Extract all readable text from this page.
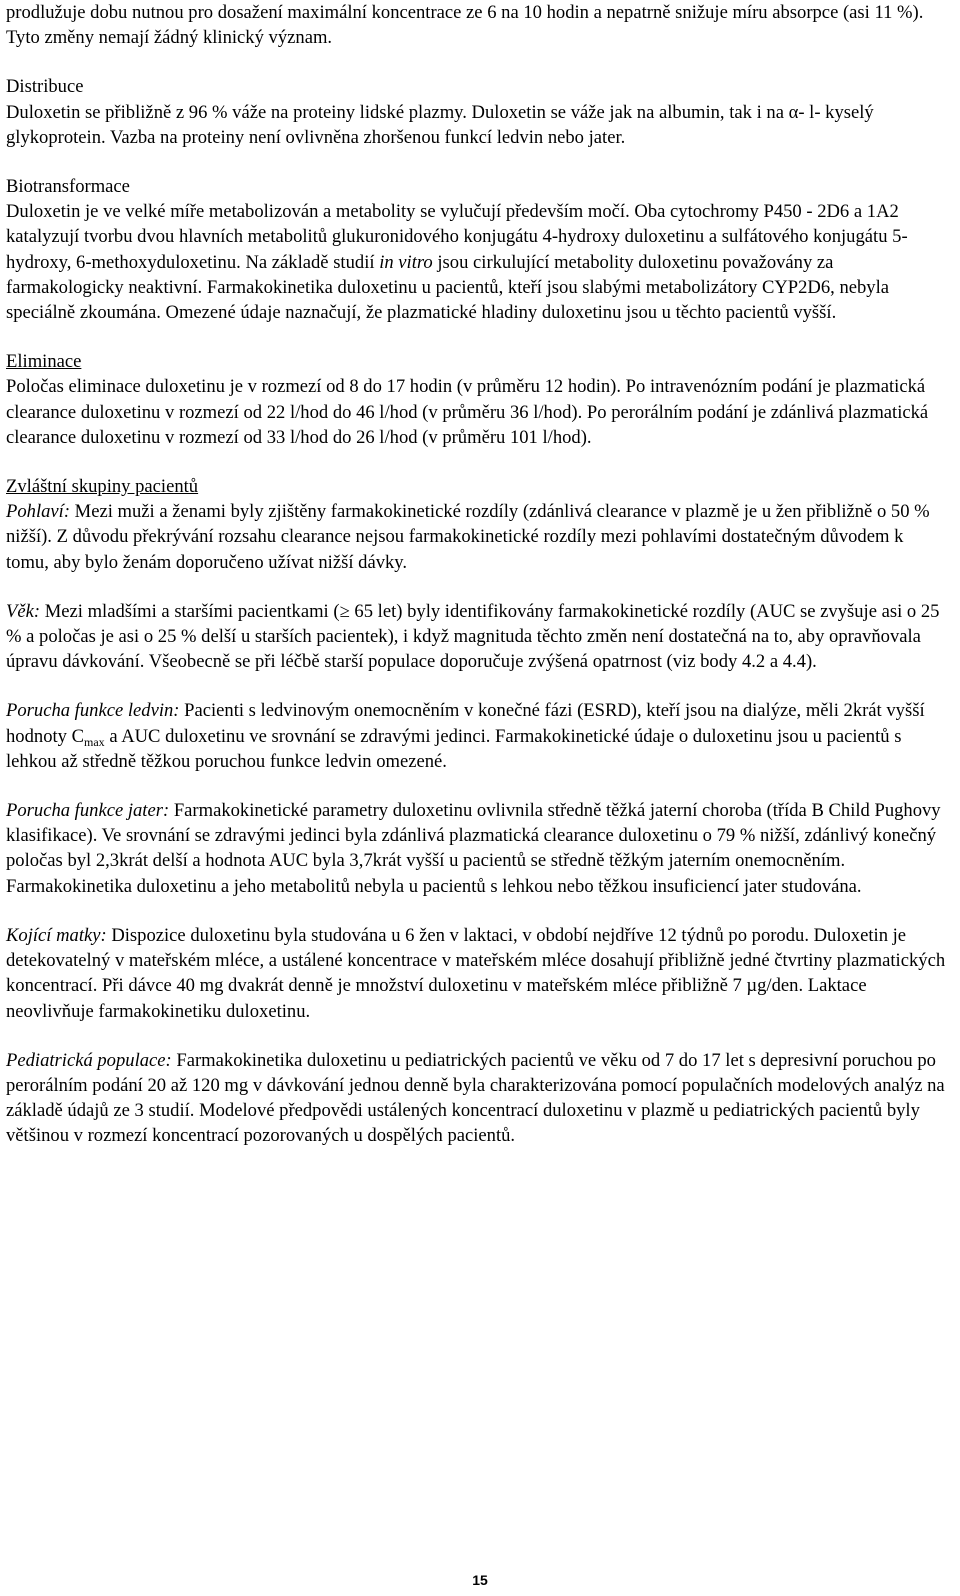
prodlužuje dobu nutnou pro dosažení maximální koncentrace ze 6 na 10 hodin a nepatrně snižuje míru absorpce (asi 11 %). Tyto změny nemají žádný klinický význam.

Distribuce

Duloxetin se přibližně z 96 % váže na proteiny lidské plazmy. Duloxetin se váže jak na albumin, tak i na α- l- kyselý glykoprotein. Vazba na proteiny není ovlivněna zhoršenou funkcí ledvin nebo jater.

Biotransformace

Duloxetin je ve velké míře metabolizován a metabolity se vylučují především močí. Oba cytochromy P450 - 2D6 a 1A2 katalyzují tvorbu dvou hlavních metabolitů glukuronidového konjugátu 4-hydroxy duloxetinu a sulfátového konjugátu 5-hydroxy, 6-methoxyduloxetinu. Na základě studií in vitro jsou cirkulující metabolity duloxetinu považovány za farmakologicky neaktivní. Farmakokinetika duloxetinu u pacientů, kteří jsou slabými metabolizátory CYP2D6, nebyla speciálně zkoumána. Omezené údaje naznačují, že plazmatické hladiny duloxetinu jsou u těchto pacientů vyšší.

Eliminace

Poločas eliminace duloxetinu je v rozmezí od 8 do 17 hodin (v průměru 12 hodin). Po intravenózním podání je plazmatická clearance duloxetinu v rozmezí od 22 l/hod do 46 l/hod (v průměru 36 l/hod). Po perorálním podání je zdánlivá plazmatická clearance duloxetinu v rozmezí od 33 l/hod do 26 l/hod (v průměru 101 l/hod).

Zvláštní skupiny pacientů

Pohlaví: Mezi muži a ženami byly zjištěny farmakokinetické rozdíly (zdánlivá clearance v plazmě je u žen přibližně o 50 % nižší). Z důvodu překrývání rozsahu clearance nejsou farmakokinetické rozdíly mezi pohlavími dostatečným důvodem k tomu, aby bylo ženám doporučeno užívat nižší dávky.

Věk: Mezi mladšími a staršími pacientkami (≥ 65 let) byly identifikovány farmakokinetické rozdíly (AUC se zvyšuje asi o 25 % a poločas je asi o 25 % delší u starších pacientek), i když magnituda těchto změn není dostatečná na to, aby opravňovala úpravu dávkování. Všeobecně se při léčbě starší populace doporučuje zvýšená opatrnost (viz body 4.2 a 4.4).

Porucha funkce ledvin: Pacienti s ledvinovým onemocněním v konečné fázi (ESRD), kteří jsou na dialýze, měli 2krát vyšší hodnoty $C_{max}$ a AUC duloxetinu ve srovnání se zdravými jedinci. Farmakokinetické údaje o duloxetinu jsou u pacientů s lehkou až středně těžkou poruchou funkce ledvin omezené.

Porucha funkce jater: Farmakokinetické parametry duloxetinu ovlivnila středně těžká jaterní choroba (třída B Child Pughovy klasifikace). Ve srovnání se zdravými jedinci byla zdánlivá plazmatická clearance duloxetinu o 79 % nižší, zdánlivý konečný poločas byl 2,3krát delší a hodnota AUC byla 3,7krát vyšší u pacientů se středně těžkým jaterním onemocněním. Farmakokinetika duloxetinu a jeho metabolitů nebyla u pacientů s lehkou nebo těžkou insuficiencí jater studována.

Kojící matky: Dispozice duloxetinu byla studována u 6 žen v laktaci, v období nejdříve 12 týdnů po porodu. Duloxetin je detekovatelný v mateřském mléce, a ustálené koncentrace v mateřském mléce dosahují přibližně jedné čtvrtiny plazmatických koncentrací. Při dávce 40 mg dvakrát denně je množství duloxetinu v mateřském mléce přibližně 7 µg/den. Laktace neovlivňuje farmakokinetiku duloxetinu.

Pediatrická populace: Farmakokinetika duloxetinu u pediatrických pacientů ve věku od 7 do 17 let s depresivní poruchou po perorálním podání 20 až 120 mg v dávkování jednou denně byla charakterizována pomocí populačních modelových analýz na základě údajů ze 3 studií. Modelové předpovědi ustálených koncentrací duloxetinu v plazmě u pediatrických pacientů byly většinou v rozmezí koncentrací pozorovaných u dospělých pacientů.

15
